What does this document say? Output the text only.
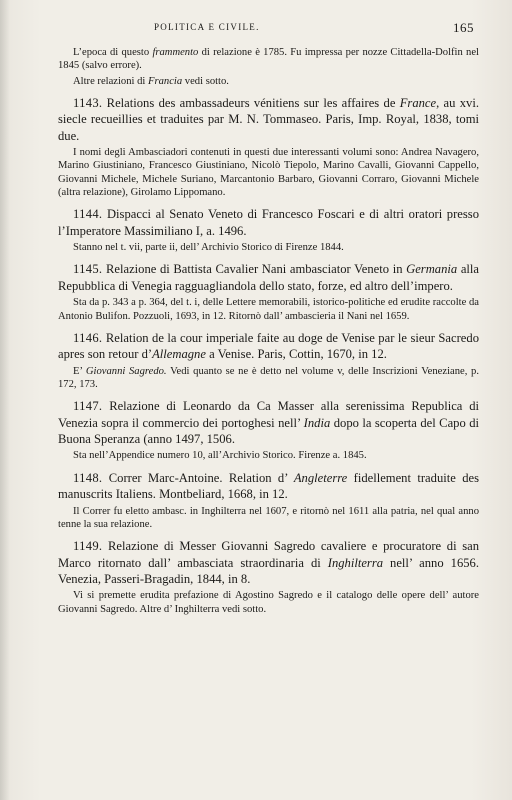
POLITICA E CIVILE.	165

L’epoca di questo frammento di relazione è 1785. Fu impressa per nozze Cittadella-Dolfin nel 1845 (salvo errore).

Altre relazioni di Francia vedi sotto.

1143. Relations des ambassadeurs vénitiens sur les affaires de France, au xvi. siecle recueillies et traduites par M. N. Tommaseo. Paris, Imp. Royal, 1838, tomi due.

I nomi degli Ambasciadori contenuti in questi due interessanti volumi sono: Andrea Navagero, Marino Giustiniano, Francesco Giustiniano, Nicolò Tiepolo, Marino Cavalli, Giovanni Cappello, Giovanni Michele, Michele Suriano, Marcantonio Barbaro, Giovanni Corraro, Giovanni Michele (altra relazione), Girolamo Lippomano.

1144. Dispacci al Senato Veneto di Francesco Foscari e di altri oratori presso l’Imperatore Massimiliano I, a. 1496.

Stanno nel t. vii, parte ii, dell’ Archivio Storico di Firenze 1844.

1145. Relazione di Battista Cavalier Nani ambasciator Veneto in Germania alla Repubblica di Venegia ragguagliandola dello stato, forze, ed altro dell’impero.

Sta da p. 343 a p. 364, del t. i, delle Lettere memorabili, istorico-politiche ed erudite raccolte da Antonio Bulifon. Pozzuoli, 1693, in 12. Ritornò dall’ ambascieria il Nani nel 1659.

1146. Relation de la cour imperiale faite au doge de Venise par le sieur Sacredo apres son retour d’Allemagne a Venise. Paris, Cottin, 1670, in 12.

E’ Giovanni Sagredo. Vedi quanto se ne è detto nel volume v, delle Inscrizioni Veneziane, p. 172, 173.

1147. Relazione di Leonardo da Ca Masser alla serenissima Republica di Venezia sopra il commercio dei portoghesi nell’ India dopo la scoperta del Capo di Buona Speranza (anno 1497, 1506.

Sta nell’Appendice numero 10, all’Archivio Storico. Firenze a. 1845.

1148. Correr Marc-Antoine. Relation d’ Angleterre fidellement traduite des manuscrits Italiens. Montbeliard, 1668, in 12.

Il Correr fu eletto ambasc. in Inghilterra nel 1607, e ritornò nel 1611 alla patria, nel qual anno tenne la sua relazione.

1149. Relazione di Messer Giovanni Sagredo cavaliere e procuratore di san Marco ritornato dall’ ambasciata straordinaria di Inghilterra nell’ anno 1656. Venezia, Passeri-Bragadin, 1844, in 8.

Vi si premette erudita prefazione di Agostino Sagredo e il catalogo delle opere dell’ autore Giovanni Sagredo. Altre d’ Inghilterra vedi sotto.
